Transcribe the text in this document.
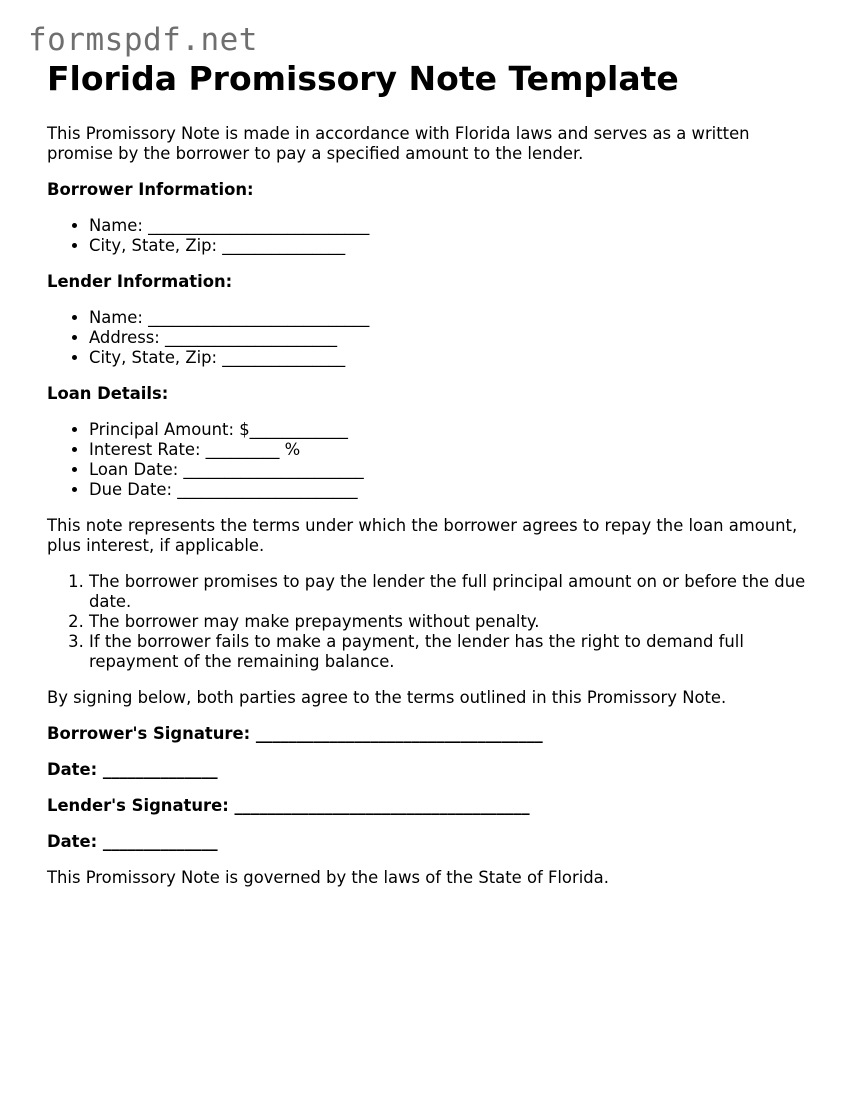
formspdf.net
Florida Promissory Note Template

This Promissory Note is made in accordance with Florida laws and serves as a written promise by the borrower to pay a specified amount to the lender.

Borrower Information:

• Name: ___________________________
• City, State, Zip: _______________

Lender Information:

• Name: ___________________________
• Address: _____________________
• City, State, Zip: _______________

Loan Details:

• Principal Amount: $____________
• Interest Rate: _________ %
• Loan Date: ______________________
• Due Date: ______________________

This note represents the terms under which the borrower agrees to repay the loan amount, plus interest, if applicable.

1. The borrower promises to pay the lender the full principal amount on or before the due date.
2. The borrower may make prepayments without penalty.
3. If the borrower fails to make a payment, the lender has the right to demand full repayment of the remaining balance.

By signing below, both parties agree to the terms outlined in this Promissory Note.

Borrower's Signature: ___________________________________

Date: ______________

Lender's Signature: ____________________________________

Date: ______________

This Promissory Note is governed by the laws of the State of Florida.
